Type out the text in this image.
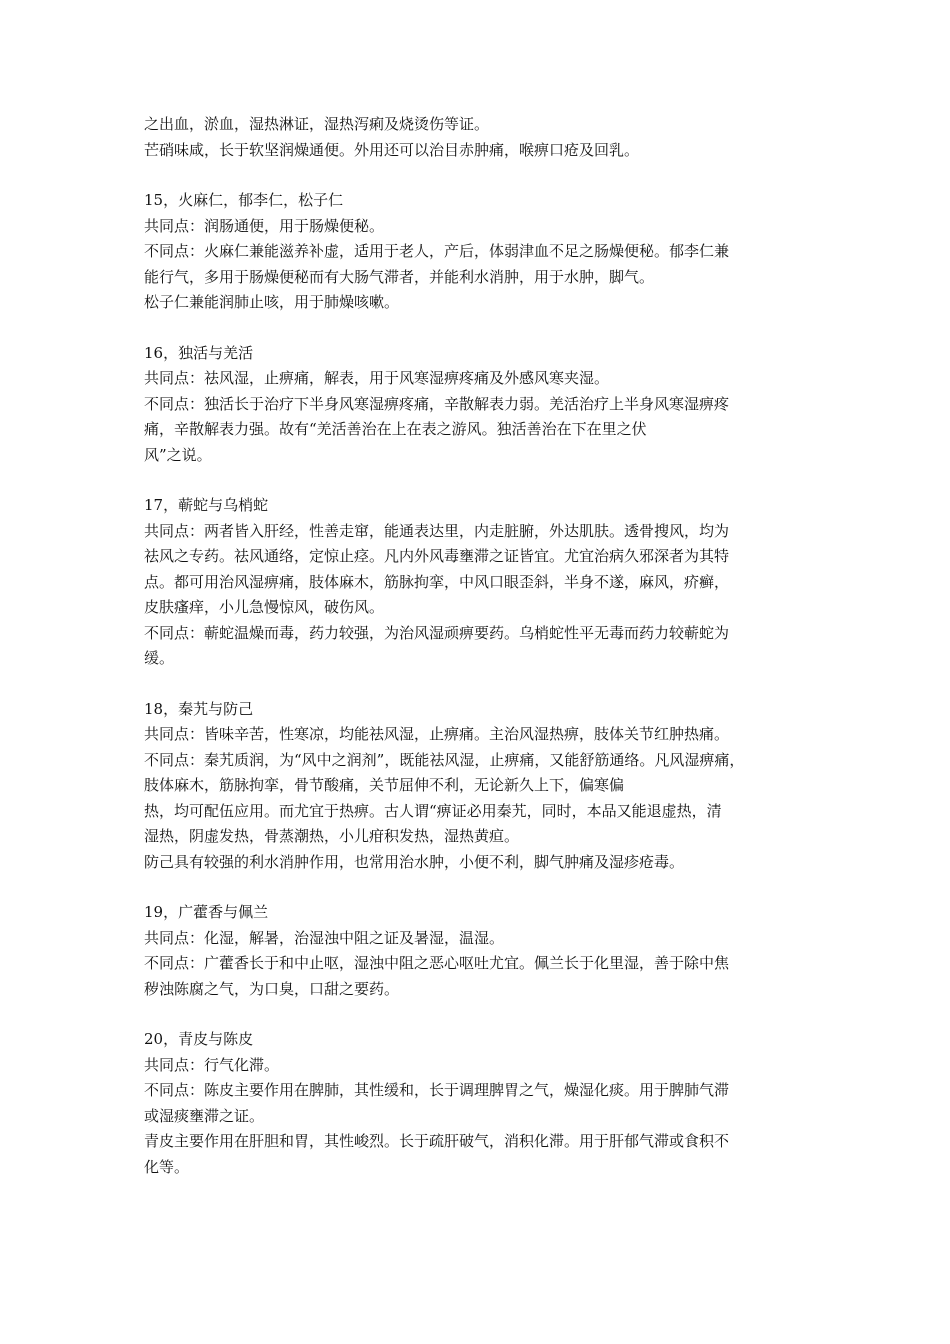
之出血，淤血，湿热淋证，湿热泻痢及烧烫伤等证。
芒硝味咸，长于软坚润燥通便。外用还可以治目赤肿痛，喉痹口疮及回乳。
15，火麻仁，郁李仁，松子仁
共同点：润肠通便，用于肠燥便秘。
不同点：火麻仁兼能滋养补虚，适用于老人，产后，体弱津血不足之肠燥便秘。郁李仁兼
能行气，多用于肠燥便秘而有大肠气滞者，并能利水消肿，用于水肿，脚气。
松子仁兼能润肺止咳，用于肺燥咳嗽。
16，独活与羌活
共同点：祛风湿，止痹痛，解表，用于风寒湿痹疼痛及外感风寒夹湿。
不同点：独活长于治疗下半身风寒湿痹疼痛，辛散解表力弱。羌活治疗上半身风寒湿痹疼
痛，辛散解表力强。故有“羌活善治在上在表之游风。独活善治在下在里之伏
风”之说。
17，蕲蛇与乌梢蛇
共同点：两者皆入肝经，性善走窜，能通表达里，内走脏腑，外达肌肤。透骨搜风，均为
祛风之专药。祛风通络，定惊止痉。凡内外风毒壅滞之证皆宜。尤宜治病久邪深者为其特
点。都可用治风湿痹痛，肢体麻木，筋脉拘挛，中风口眼歪斜，半身不遂，麻风，疥癣，
皮肤瘙痒，小儿急慢惊风，破伤风。
不同点：蕲蛇温燥而毒，药力较强，为治风湿顽痹要药。乌梢蛇性平无毒而药力较蕲蛇为
缓。
18，秦艽与防己
共同点：皆味辛苦，性寒凉，均能祛风湿，止痹痛。主治风湿热痹，肢体关节红肿热痛。
不同点：秦艽质润，为“风中之润剂”，既能祛风湿，止痹痛，又能舒筋通络。凡风湿痹痛，
肢体麻木，筋脉拘挛，骨节酸痛，关节屈伸不利，无论新久上下，偏寒偏
热，均可配伍应用。而尤宜于热痹。古人谓“痹证必用秦艽，同时，本品又能退虚热，清
湿热，阴虚发热，骨蒸潮热，小儿疳积发热，湿热黄疸。
防己具有较强的利水消肿作用，也常用治水肿，小便不利，脚气肿痛及湿疹疮毒。
19，广藿香与佩兰
共同点：化湿，解暑，治湿浊中阻之证及暑湿，温湿。
不同点：广藿香长于和中止呕，湿浊中阻之恶心呕吐尤宜。佩兰长于化里湿，善于除中焦
秽浊陈腐之气，为口臭，口甜之要药。
20，青皮与陈皮
共同点：行气化滞。
不同点：陈皮主要作用在脾肺，其性缓和，长于调理脾胃之气，燥湿化痰。用于脾肺气滞
或湿痰壅滞之证。
青皮主要作用在肝胆和胃，其性峻烈。长于疏肝破气，消积化滞。用于肝郁气滞或食积不
化等。
